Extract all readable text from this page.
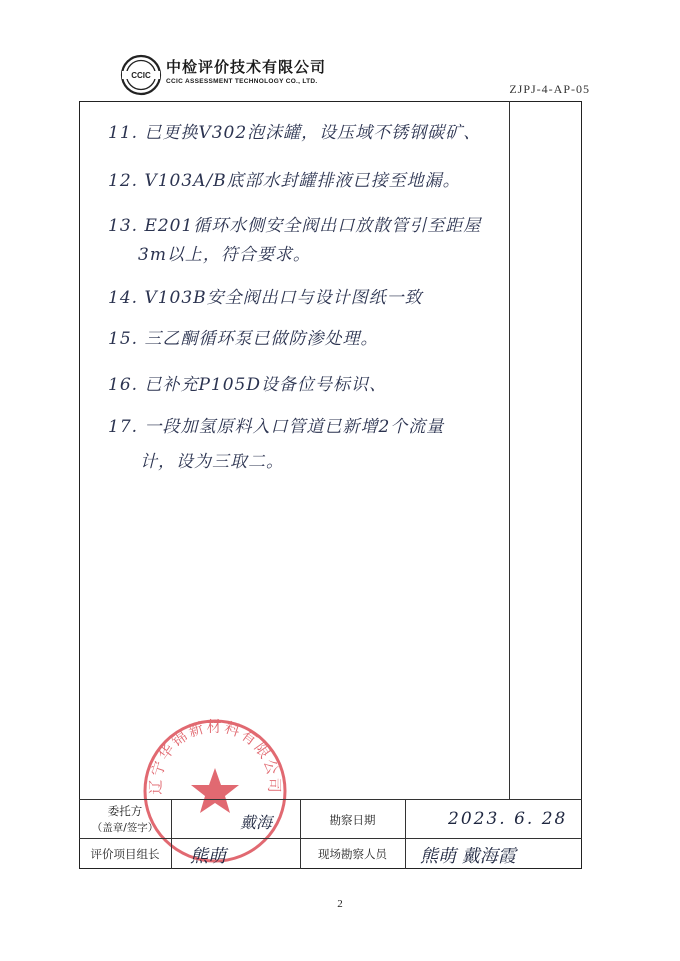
CCIC 中检评价技术有限公司
CCIC ASSESSMENT TECHNOLOGY CO., LTD.
ZJPJ-4-AP-05
11. 已更换V302泡沫罐，设压域不锈钢碳矿、
12. V103A/B底部水封罐排液已接至地漏。
13. E201循环水侧安全阀出口放散管引至距屋
3m以上，符合要求。
14. V103B安全阀出口与设计图纸一致
15. 三乙酮循环泵已做防渗处理。
16. 已补充P105D设备位号标识、
17. 一段加氢原料入口管道已新增2个流量
计，设为三取二。
辽宁华锦新材料有限公司
委托方
（盖章/签字）	戴海	勘察日期	2023. 6. 28
评价项目组长	熊萌	现场勘察人员	熊萌 戴海霞
2
